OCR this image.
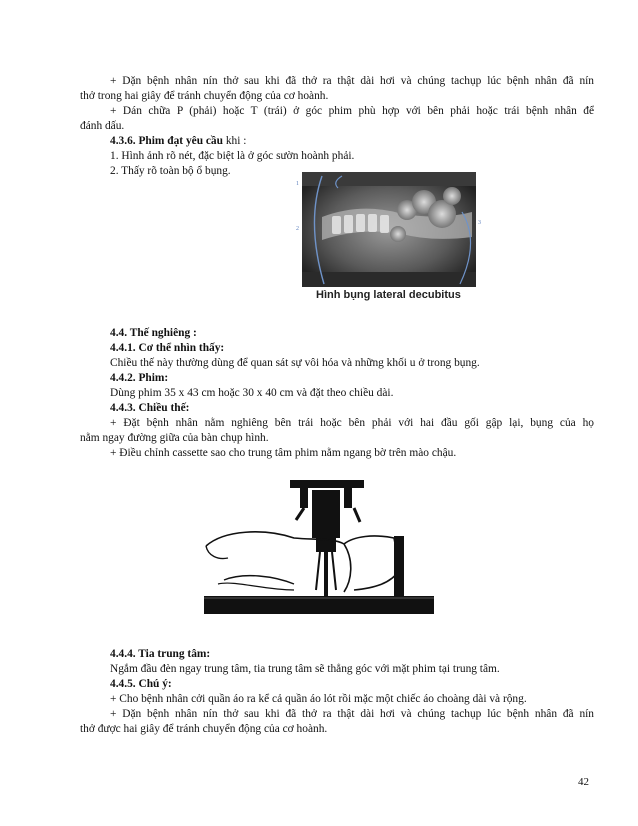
+ Dặn bệnh nhân nín thở sau khi đã thở ra thật dài hơi và chúng tachụp lúc bệnh nhân đã nín
thở trong hai giây để tránh chuyển động của cơ hoành.
+ Dán chữa P (phải) hoặc T (trái) ở góc phim phù hợp với bên phải hoặc trái bệnh nhân để
đánh dấu.
4.3.6. Phim đạt yêu cầu khi :
1. Hình ảnh rõ nét, đặc biệt là ở góc sườn hoành phải.
2. Thấy rõ toàn bộ ổ bụng.
1
2
3
Hình bụng lateral decubitus
4.4. Thế nghiêng :
4.4.1. Cơ thể nhìn thấy:
Chiều thế này thường dùng để quan sát sự vôi hóa và những khối u ở trong bụng.
4.4.2. Phim:
Dùng phim 35 x 43 cm hoặc 30 x 40 cm và đặt theo chiều dài.
4.4.3. Chiều thế:
+ Đặt bệnh nhân nằm nghiêng bên trái hoặc bên phải với hai đầu gối gập lại, bụng của họ
nằm ngay đường giữa của bàn chụp hình.
+ Điều chỉnh cassette sao cho trung tâm phim nằm ngang bờ trên mào chậu.
4.4.4. Tia trung tâm:
Ngắm đầu đèn ngay trung tâm, tia trung tâm sẽ thẳng góc với mặt phim tại trung tâm.
4.4.5. Chú ý:
+ Cho bệnh nhân cởi quần áo ra kể cả quần áo lót rồi mặc một chiếc áo choàng dài và rộng.
+ Dặn bệnh nhân nín thở sau khi đã thở ra thật dài hơi và chúng tachụp lúc bệnh nhân đã nín
thở được hai giây để tránh chuyển động của cơ hoành.
42
